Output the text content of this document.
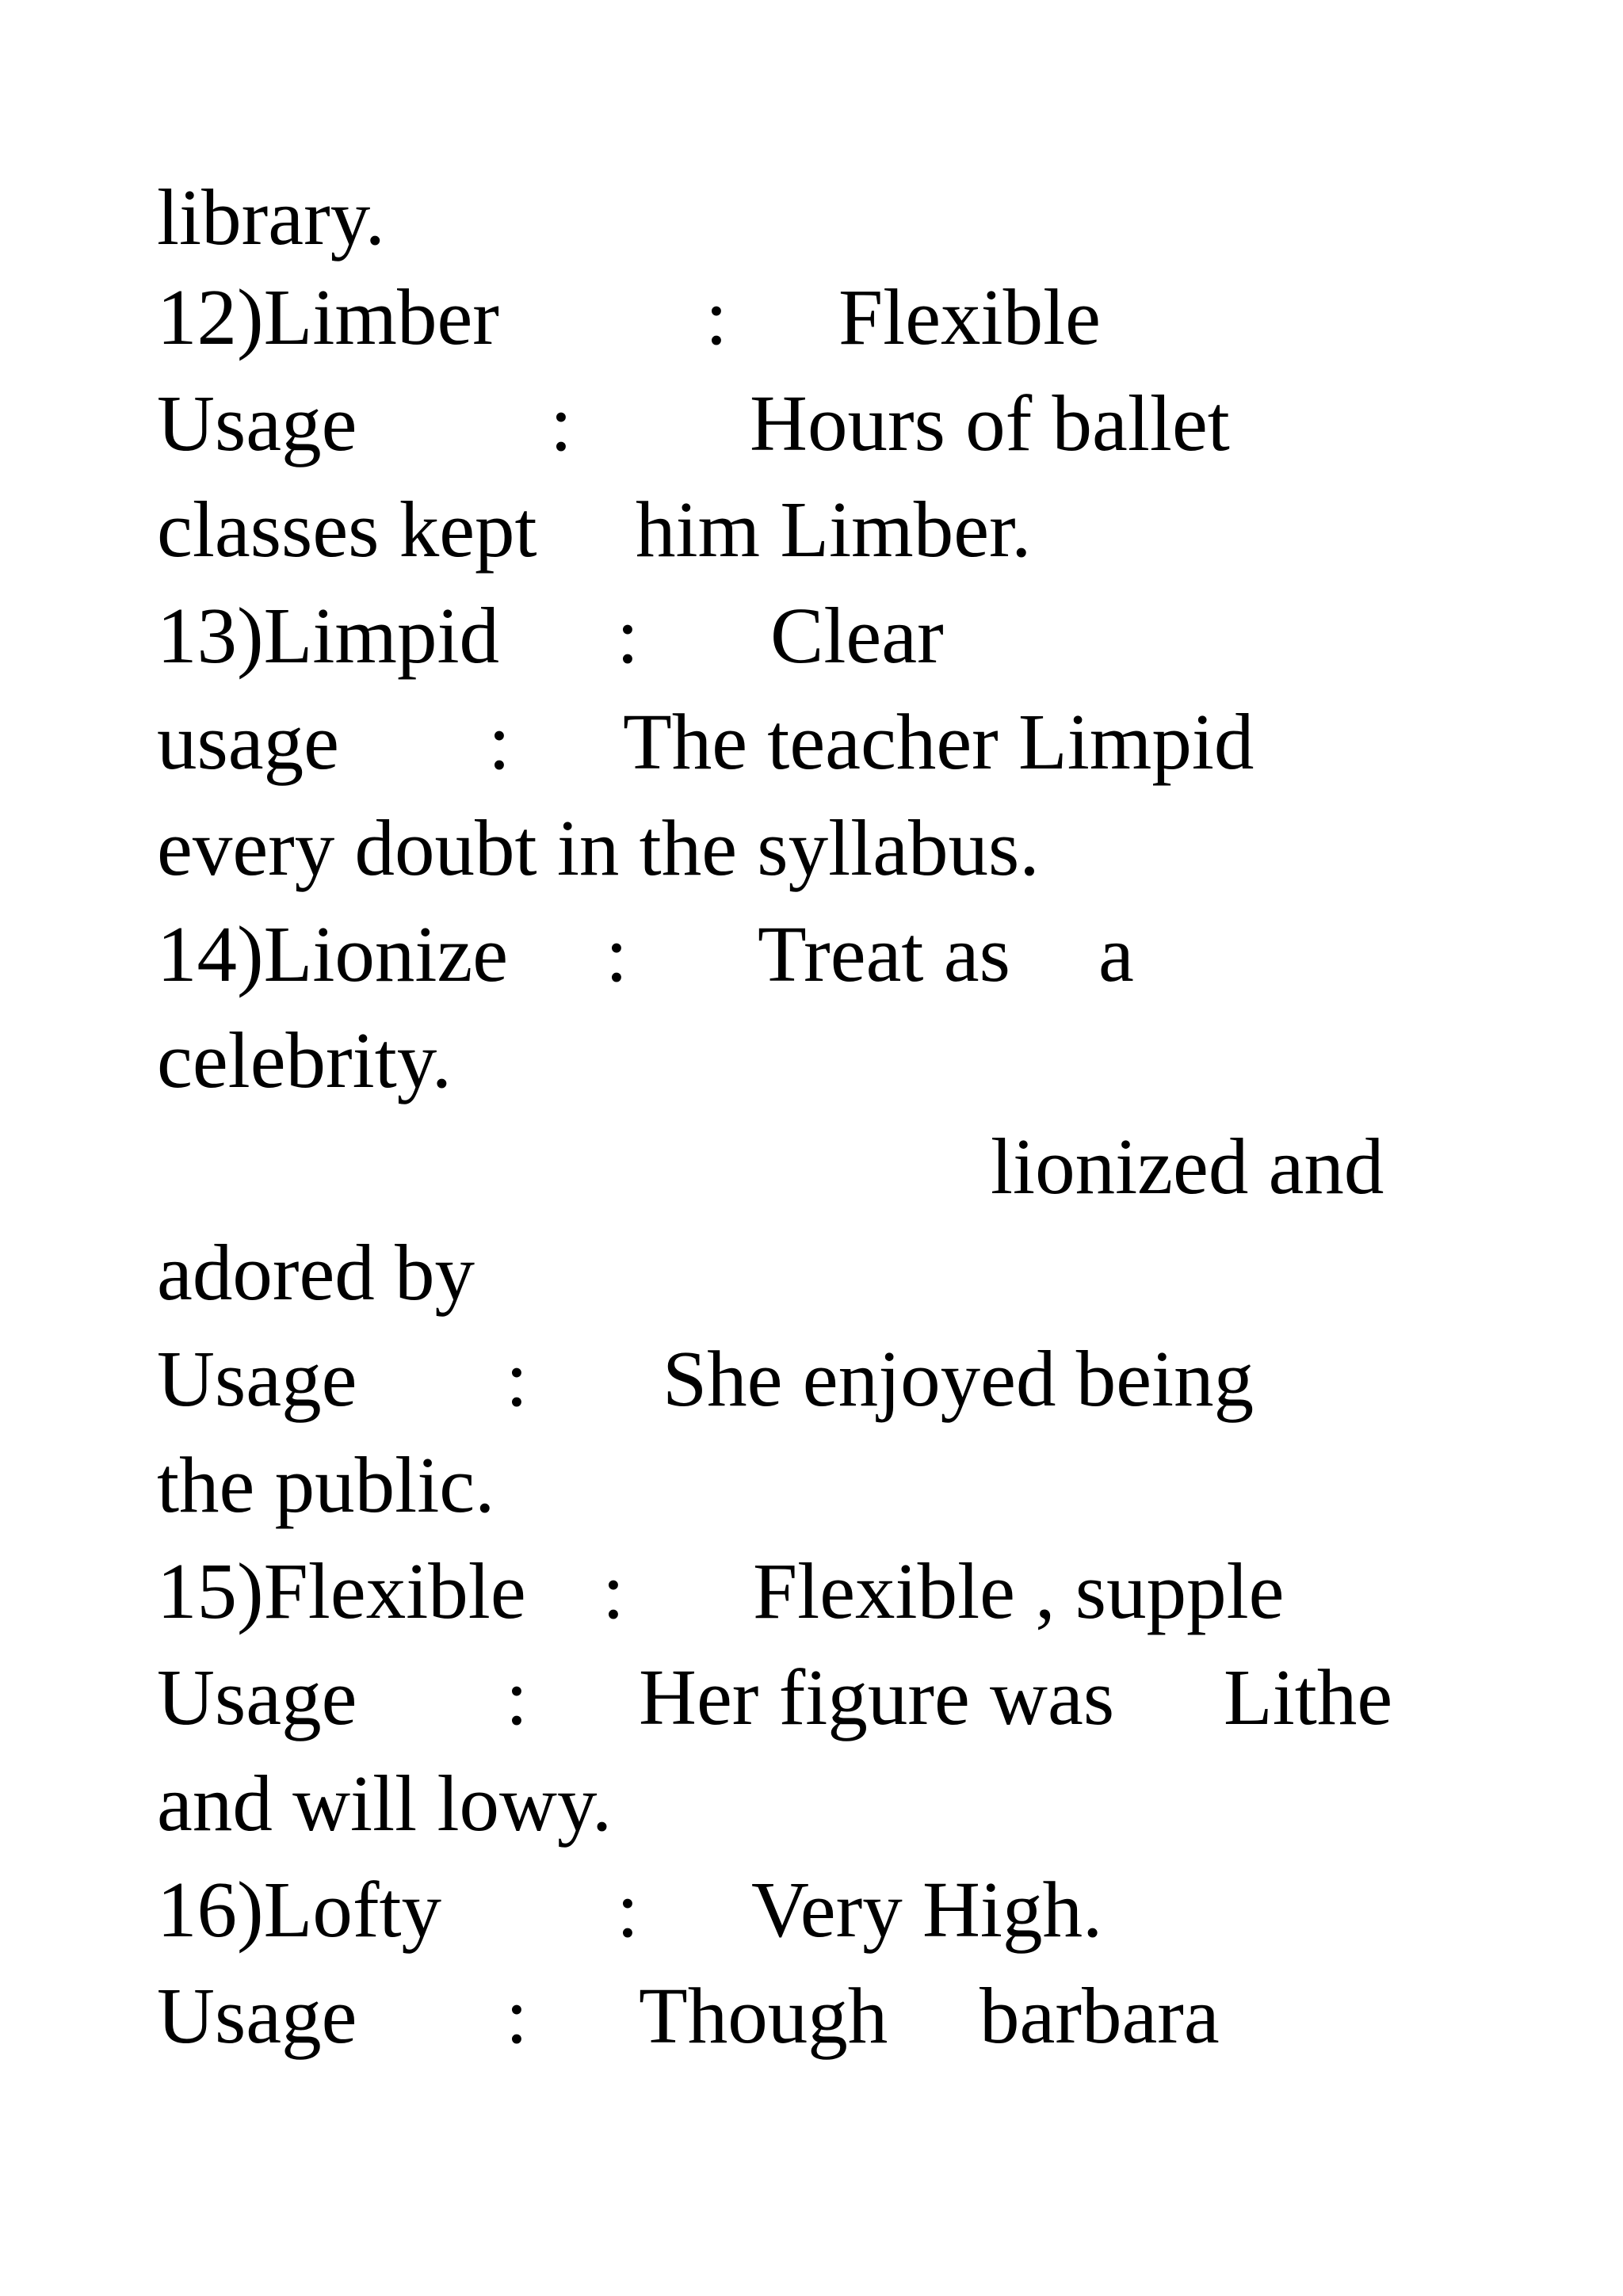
library.
12)Limber	: Flexible
Usage : Hours of ballet
classes kept him Limber.
13)Limpid : Clear
usage : The teacher Limpid
every doubt in the syllabus.
14)Lionize : Treat as a
celebrity.
lionized and
adored by
Usage : She enjoyed being
the public.
15)Flexible : Flexible , supple
Usage : Her figure was Lithe
and will lowy.
16)Lofty : Very High.
Usage : Though barbara
